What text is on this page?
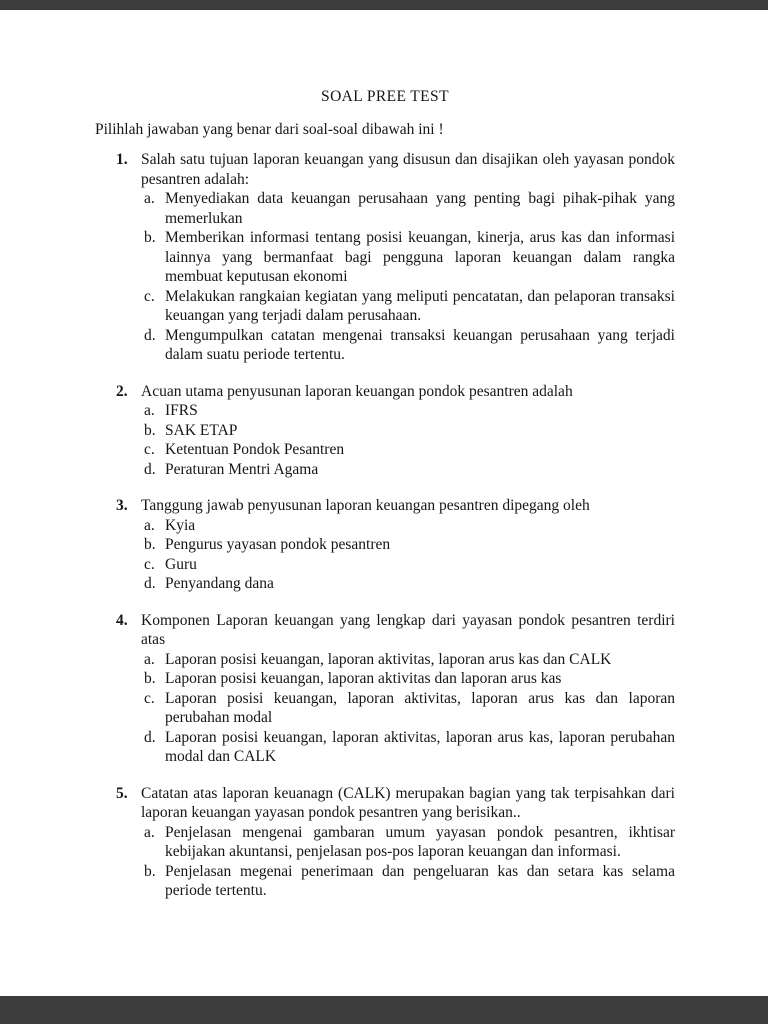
SOAL PREE TEST
Pilihlah jawaban yang benar dari soal-soal dibawah ini !
1. Salah satu tujuan laporan keuangan yang disusun dan disajikan oleh yayasan pondok pesantren adalah:
a. Menyediakan data keuangan perusahaan yang penting bagi pihak-pihak yang memerlukan
b. Memberikan informasi tentang posisi keuangan, kinerja, arus kas dan informasi lainnya yang bermanfaat bagi pengguna laporan keuangan dalam rangka membuat keputusan ekonomi
c. Melakukan rangkaian kegiatan yang meliputi pencatatan, dan pelaporan transaksi keuangan yang terjadi dalam perusahaan.
d. Mengumpulkan catatan mengenai transaksi keuangan perusahaan yang terjadi dalam suatu periode tertentu.
2. Acuan utama penyusunan laporan keuangan pondok pesantren adalah
a. IFRS
b. SAK ETAP
c. Ketentuan Pondok Pesantren
d. Peraturan Mentri Agama
3. Tanggung jawab penyusunan laporan keuangan pesantren dipegang oleh
a. Kyia
b. Pengurus yayasan pondok pesantren
c. Guru
d. Penyandang dana
4. Komponen Laporan keuangan yang lengkap dari yayasan pondok pesantren terdiri atas
a. Laporan posisi keuangan, laporan aktivitas, laporan arus kas dan CALK
b. Laporan posisi keuangan, laporan aktivitas dan laporan arus kas
c. Laporan posisi keuangan, laporan aktivitas, laporan arus kas dan laporan perubahan modal
d. Laporan posisi keuangan, laporan aktivitas, laporan arus kas, laporan perubahan modal dan CALK
5. Catatan atas laporan keuanagn (CALK) merupakan bagian yang tak terpisahkan dari laporan keuangan yayasan pondok pesantren yang berisikan..
a. Penjelasan mengenai gambaran umum yayasan pondok pesantren, ikhtisar kebijakan akuntansi, penjelasan pos-pos laporan keuangan dan informasi.
b. Penjelasan megenai penerimaan dan pengeluaran kas dan setara kas selama periode tertentu.
